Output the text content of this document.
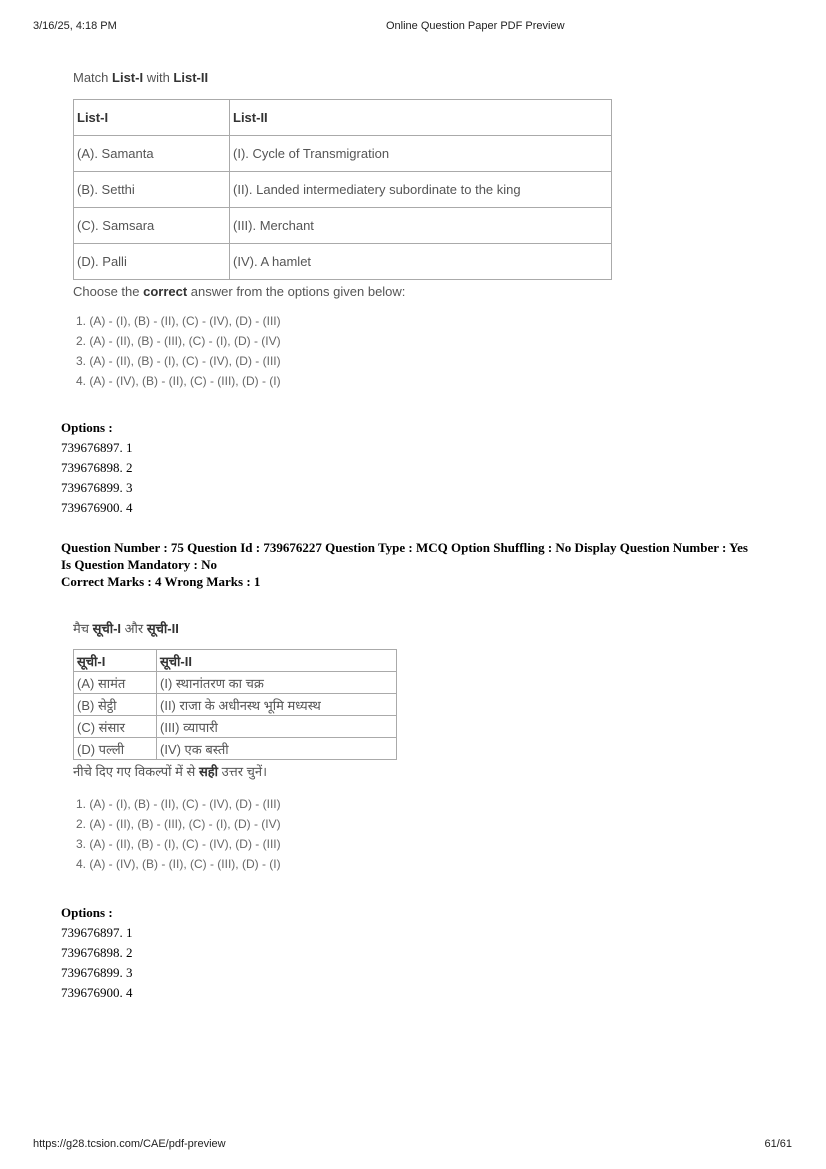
3/16/25, 4:18 PM	Online Question Paper PDF Preview

Match List-I with List-II

List-I	List-II
(A). Samanta	(I). Cycle of Transmigration
(B). Setthi	(II). Landed intermediatery subordinate to the king
(C). Samsara	(III). Merchant
(D). Palli	(IV). A hamlet

Choose the correct answer from the options given below:

1. (A) - (I), (B) - (II), (C) - (IV), (D) - (III)
2. (A) - (II), (B) - (III), (C) - (I), (D) - (IV)
3. (A) - (II), (B) - (I), (C) - (IV), (D) - (III)
4. (A) - (IV), (B) - (II), (C) - (III), (D) - (I)
Options :
739676897. 1
739676898. 2
739676899. 3
739676900. 4
Question Number : 75 Question Id : 739676227 Question Type : MCQ Option Shuffling : No Display Question Number : Yes
Is Question Mandatory : No
Correct Marks : 4 Wrong Marks : 1

मैच सूची-I और सूची-II

सूची-I	सूची-II
(A) सामंत	(I) स्थानांतरण का चक्र
(B) सेट्ठी	(II) राजा के अधीनस्थ भूमि मध्यस्थ
(C) संसार	(III) व्यापारी
(D) पल्ली	(IV) एक बस्ती

नीचे दिए गए विकल्पों में से सही उत्तर चुनें।

1. (A) - (I), (B) - (II), (C) - (IV), (D) - (III)
2. (A) - (II), (B) - (III), (C) - (I), (D) - (IV)
3. (A) - (II), (B) - (I), (C) - (IV), (D) - (III)
4. (A) - (IV), (B) - (II), (C) - (III), (D) - (I)
Options :
739676897. 1
739676898. 2
739676899. 3
739676900. 4
https://g28.tcsion.com/CAE/pdf-preview	61/61
